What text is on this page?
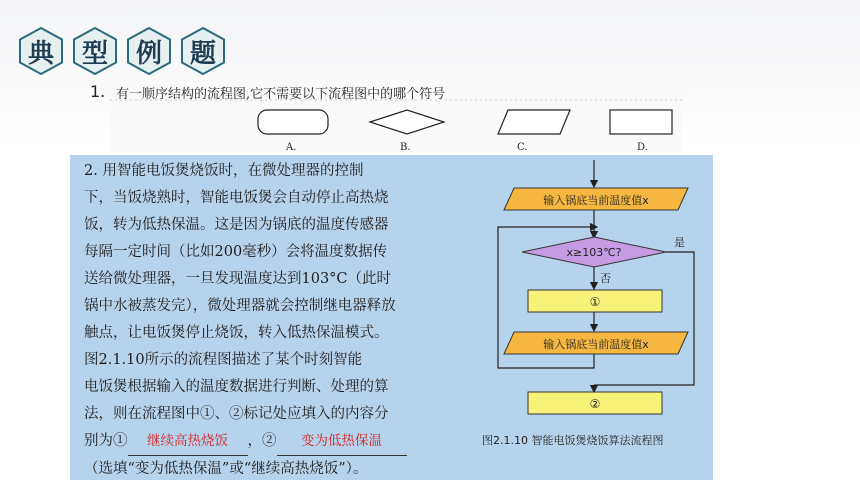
典 型 例 题
1. 有一顺序结构的流程图,它不需要以下流程图中的哪个符号
A.	B.	C.	D.

2. 用智能电饭煲烧饭时，在微处理器的控制

下，当饭烧熟时，智能电饭煲会自动停止高热烧

饭，转为低热保温。这是因为锅底的温度传感器

每隔一定时间（比如200毫秒）会将温度数据传

送给微处理器，一旦发现温度达到103°C（此时

锅中水被蒸发完），微处理器就会控制继电器释放

触点，让电饭煲停止烧饭，转入低热保温模式。

图2.1.10所示的流程图描述了某个时刻智能

电饭煲根据输入的温度数据进行判断、处理的算

法，则在流程图中①、②标记处应填入的内容分

别为① 继续高热烧饭 ，② 变为低热保温

（选填“变为低热保温”或“继续高热烧饭”）。

输入锅底当前温度值x
x≥103℃?
是
否
①
输入锅底当前温度值x
②
图2.1.10 智能电饭煲烧饭算法流程图
